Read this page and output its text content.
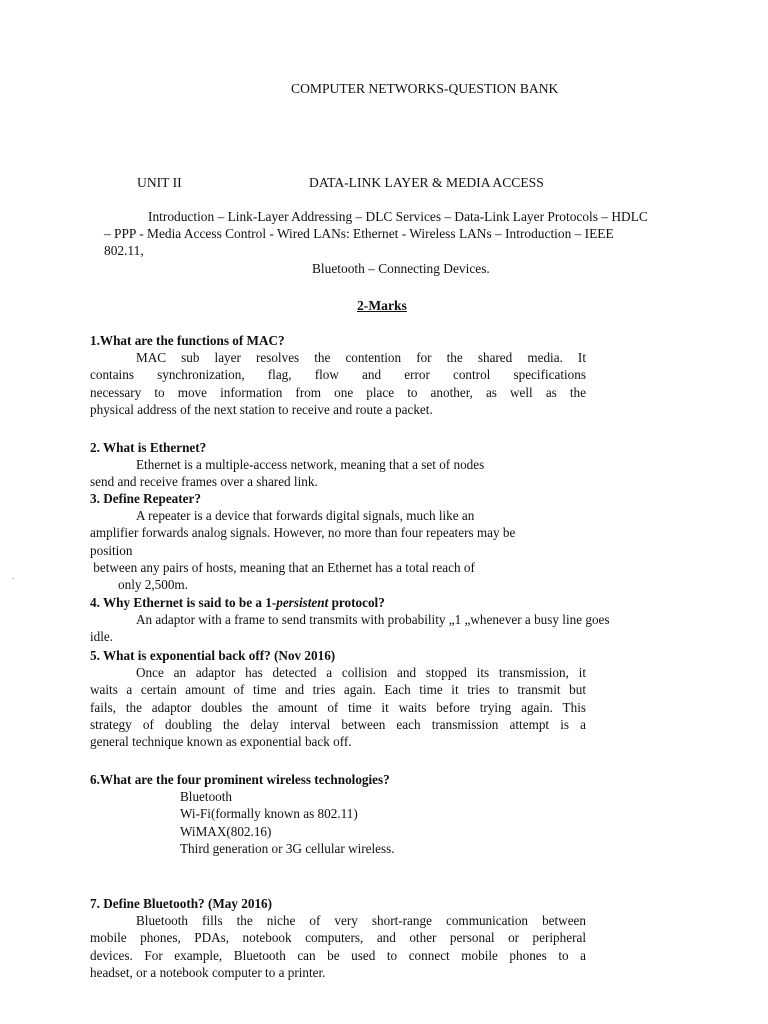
COMPUTER NETWORKS-QUESTION BANK
UNIT II	DATA-LINK LAYER & MEDIA ACCESS
Introduction – Link-Layer Addressing – DLC Services – Data-Link Layer Protocols – HDLC
– PPP - Media Access Control - Wired LANs: Ethernet - Wireless LANs – Introduction – IEEE
802.11,
Bluetooth – Connecting Devices.
2-Marks
1.What are the functions of MAC?
MAC sub layer resolves the contention for the shared media. It
contains synchronization, flag, flow and error control specifications
necessary to move information from one place to another, as well as the
physical address of the next station to receive and route a packet.
2. What is Ethernet?
Ethernet is a multiple-access network, meaning that a set of nodes
send and receive frames over a shared link.
3. Define Repeater?
A repeater is a device that forwards digital signals, much like an
amplifier forwards analog signals. However, no more than four repeaters may be
position
between any pairs of hosts, meaning that an Ethernet has a total reach of
only 2,500m.
4. Why Ethernet is said to be a 1-persistent protocol?
An adaptor with a frame to send transmits with probability „1 „whenever a busy line goes
idle.
5. What is exponential back off? (Nov 2016)
Once an adaptor has detected a collision and stopped its transmission, it
waits a certain amount of time and tries again. Each time it tries to transmit but
fails, the adaptor doubles the amount of time it waits before trying again. This
strategy of doubling the delay interval between each transmission attempt is a
general technique known as exponential back off.
6.What are the four prominent wireless technologies?
Bluetooth
Wi-Fi(formally known as 802.11)
WiMAX(802.16)
Third generation or 3G cellular wireless.
7. Define Bluetooth? (May 2016)
Bluetooth fills the niche of very short-range communication between
mobile phones, PDAs, notebook computers, and other personal or peripheral
devices. For example, Bluetooth can be used to connect mobile phones to a
headset, or a notebook computer to a printer.
.
